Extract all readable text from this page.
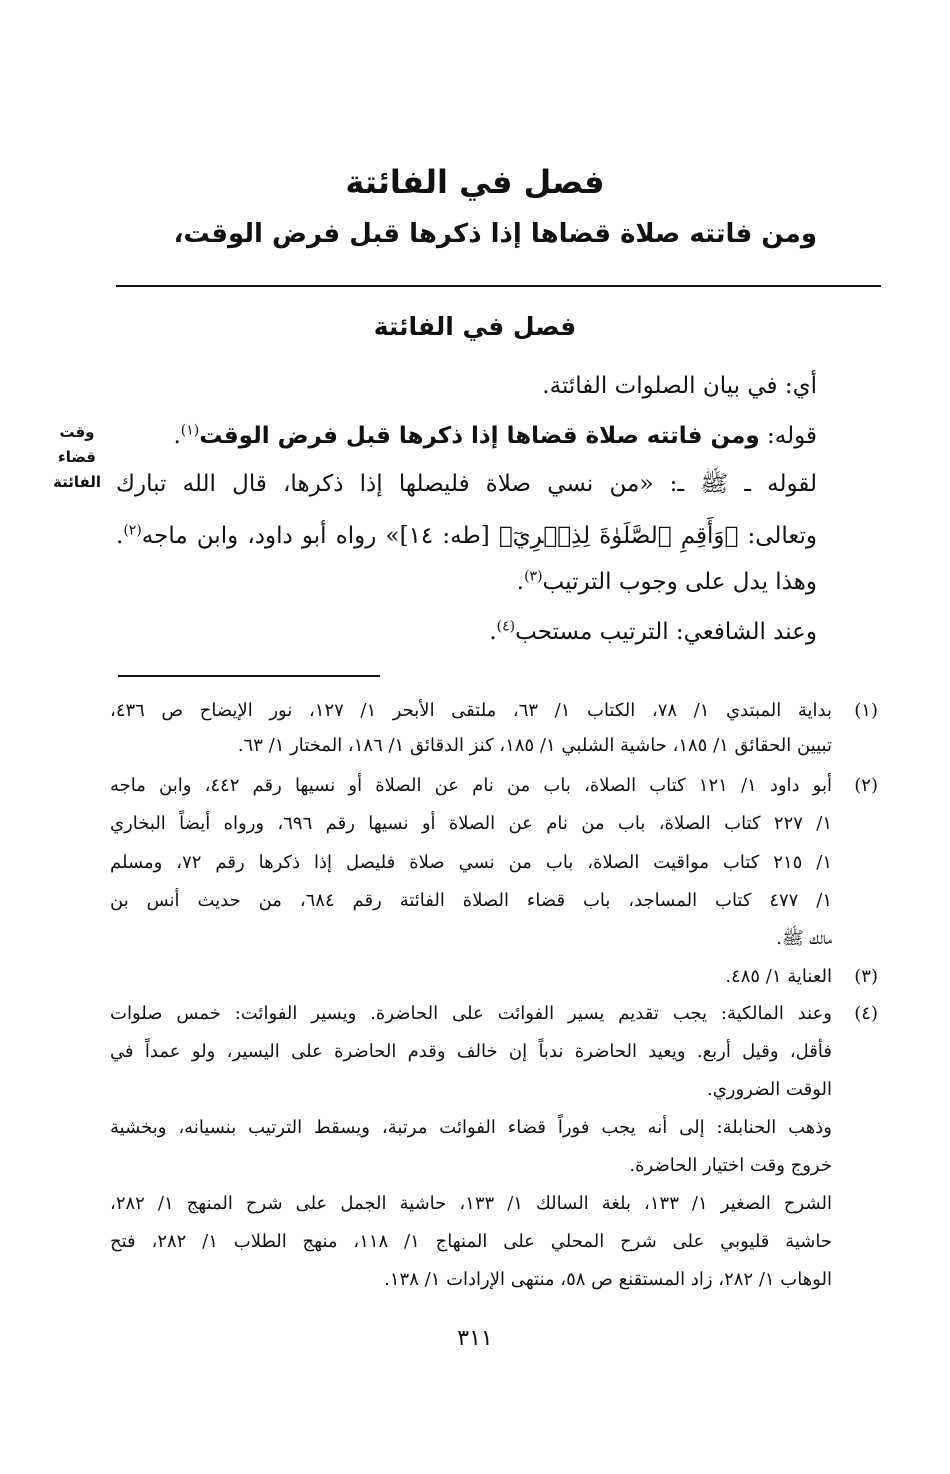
فصل في الفائتة
ومن فاتته صلاة قضاها إذا ذكرها قبل فرض الوقت،
فصل في الفائتة
وقت
قضاء
الفائتة
أي: في بيان الصلوات الفائتة.
قوله: ومن فاتته صلاة قضاها إذا ذكرها قبل فرض الوقت$^{(١)}$.
لقوله ـ ﷺ ـ: «من نسي صلاة فليصلها إذا ذكرها، قال الله تبارك
وتعالى: ﴿وَأَقِمِ ٱلصَّلَوٰةَ لِذِكۡرِيٓ﴾ [طه: ١٤]» رواه أبو داود، وابن ماجه$^{(٢)}$.
وهذا يدل على وجوب الترتيب$^{(٣)}$.
وعند الشافعي: الترتيب مستحب$^{(٤)}$.
(١)
بداية المبتدي ١/ ٧٨، الكتاب ١/ ٦٣، ملتقى الأبحر ١/ ١٢٧، نور الإيضاح ص ٤٣٦،
تبيين الحقائق ١/ ١٨٥، حاشية الشلبي ١/ ١٨٥، كنز الدقائق ١/ ١٨٦، المختار ١/ ٦٣.
(٢)
أبو داود ١/ ١٢١ كتاب الصلاة، باب من نام عن الصلاة أو نسيها رقم ٤٤٢، وابن ماجه
١/ ٢٢٧ كتاب الصلاة، باب من نام عن الصلاة أو نسيها رقم ٦٩٦، ورواه أيضاً البخاري
١/ ٢١٥ كتاب مواقيت الصلاة، باب من نسي صلاة فليصل إذا ذكرها رقم ٧٢، ومسلم
١/ ٤٧٧ كتاب المساجد، باب قضاء الصلاة الفائتة رقم ٦٨٤، من حديث أنس بن
مالك ﷺ.
(٣)
العناية ١/ ٤٨٥.
(٤)
وعند المالكية: يجب تقديم يسير الفوائت على الحاضرة. ويسير الفوائت: خمس صلوات
فأقل، وقيل أربع. ويعيد الحاضرة ندباً إن خالف وقدم الحاضرة على اليسير، ولو عمداً في
الوقت الضروري.
وذهب الحنابلة: إلى أنه يجب فوراً قضاء الفوائت مرتبة، ويسقط الترتيب بنسيانه، وبخشية
خروج وقت اختيار الحاضرة.
الشرح الصغير ١/ ١٣٣، بلغة السالك ١/ ١٣٣، حاشية الجمل على شرح المنهج ١/ ٢٨٢،
حاشية قليوبي على شرح المحلي على المنهاج ١/ ١١٨، منهج الطلاب ١/ ٢٨٢، فتح
الوهاب ١/ ٢٨٢، زاد المستقنع ص ٥٨، منتهى الإرادات ١/ ١٣٨.
٣١١
